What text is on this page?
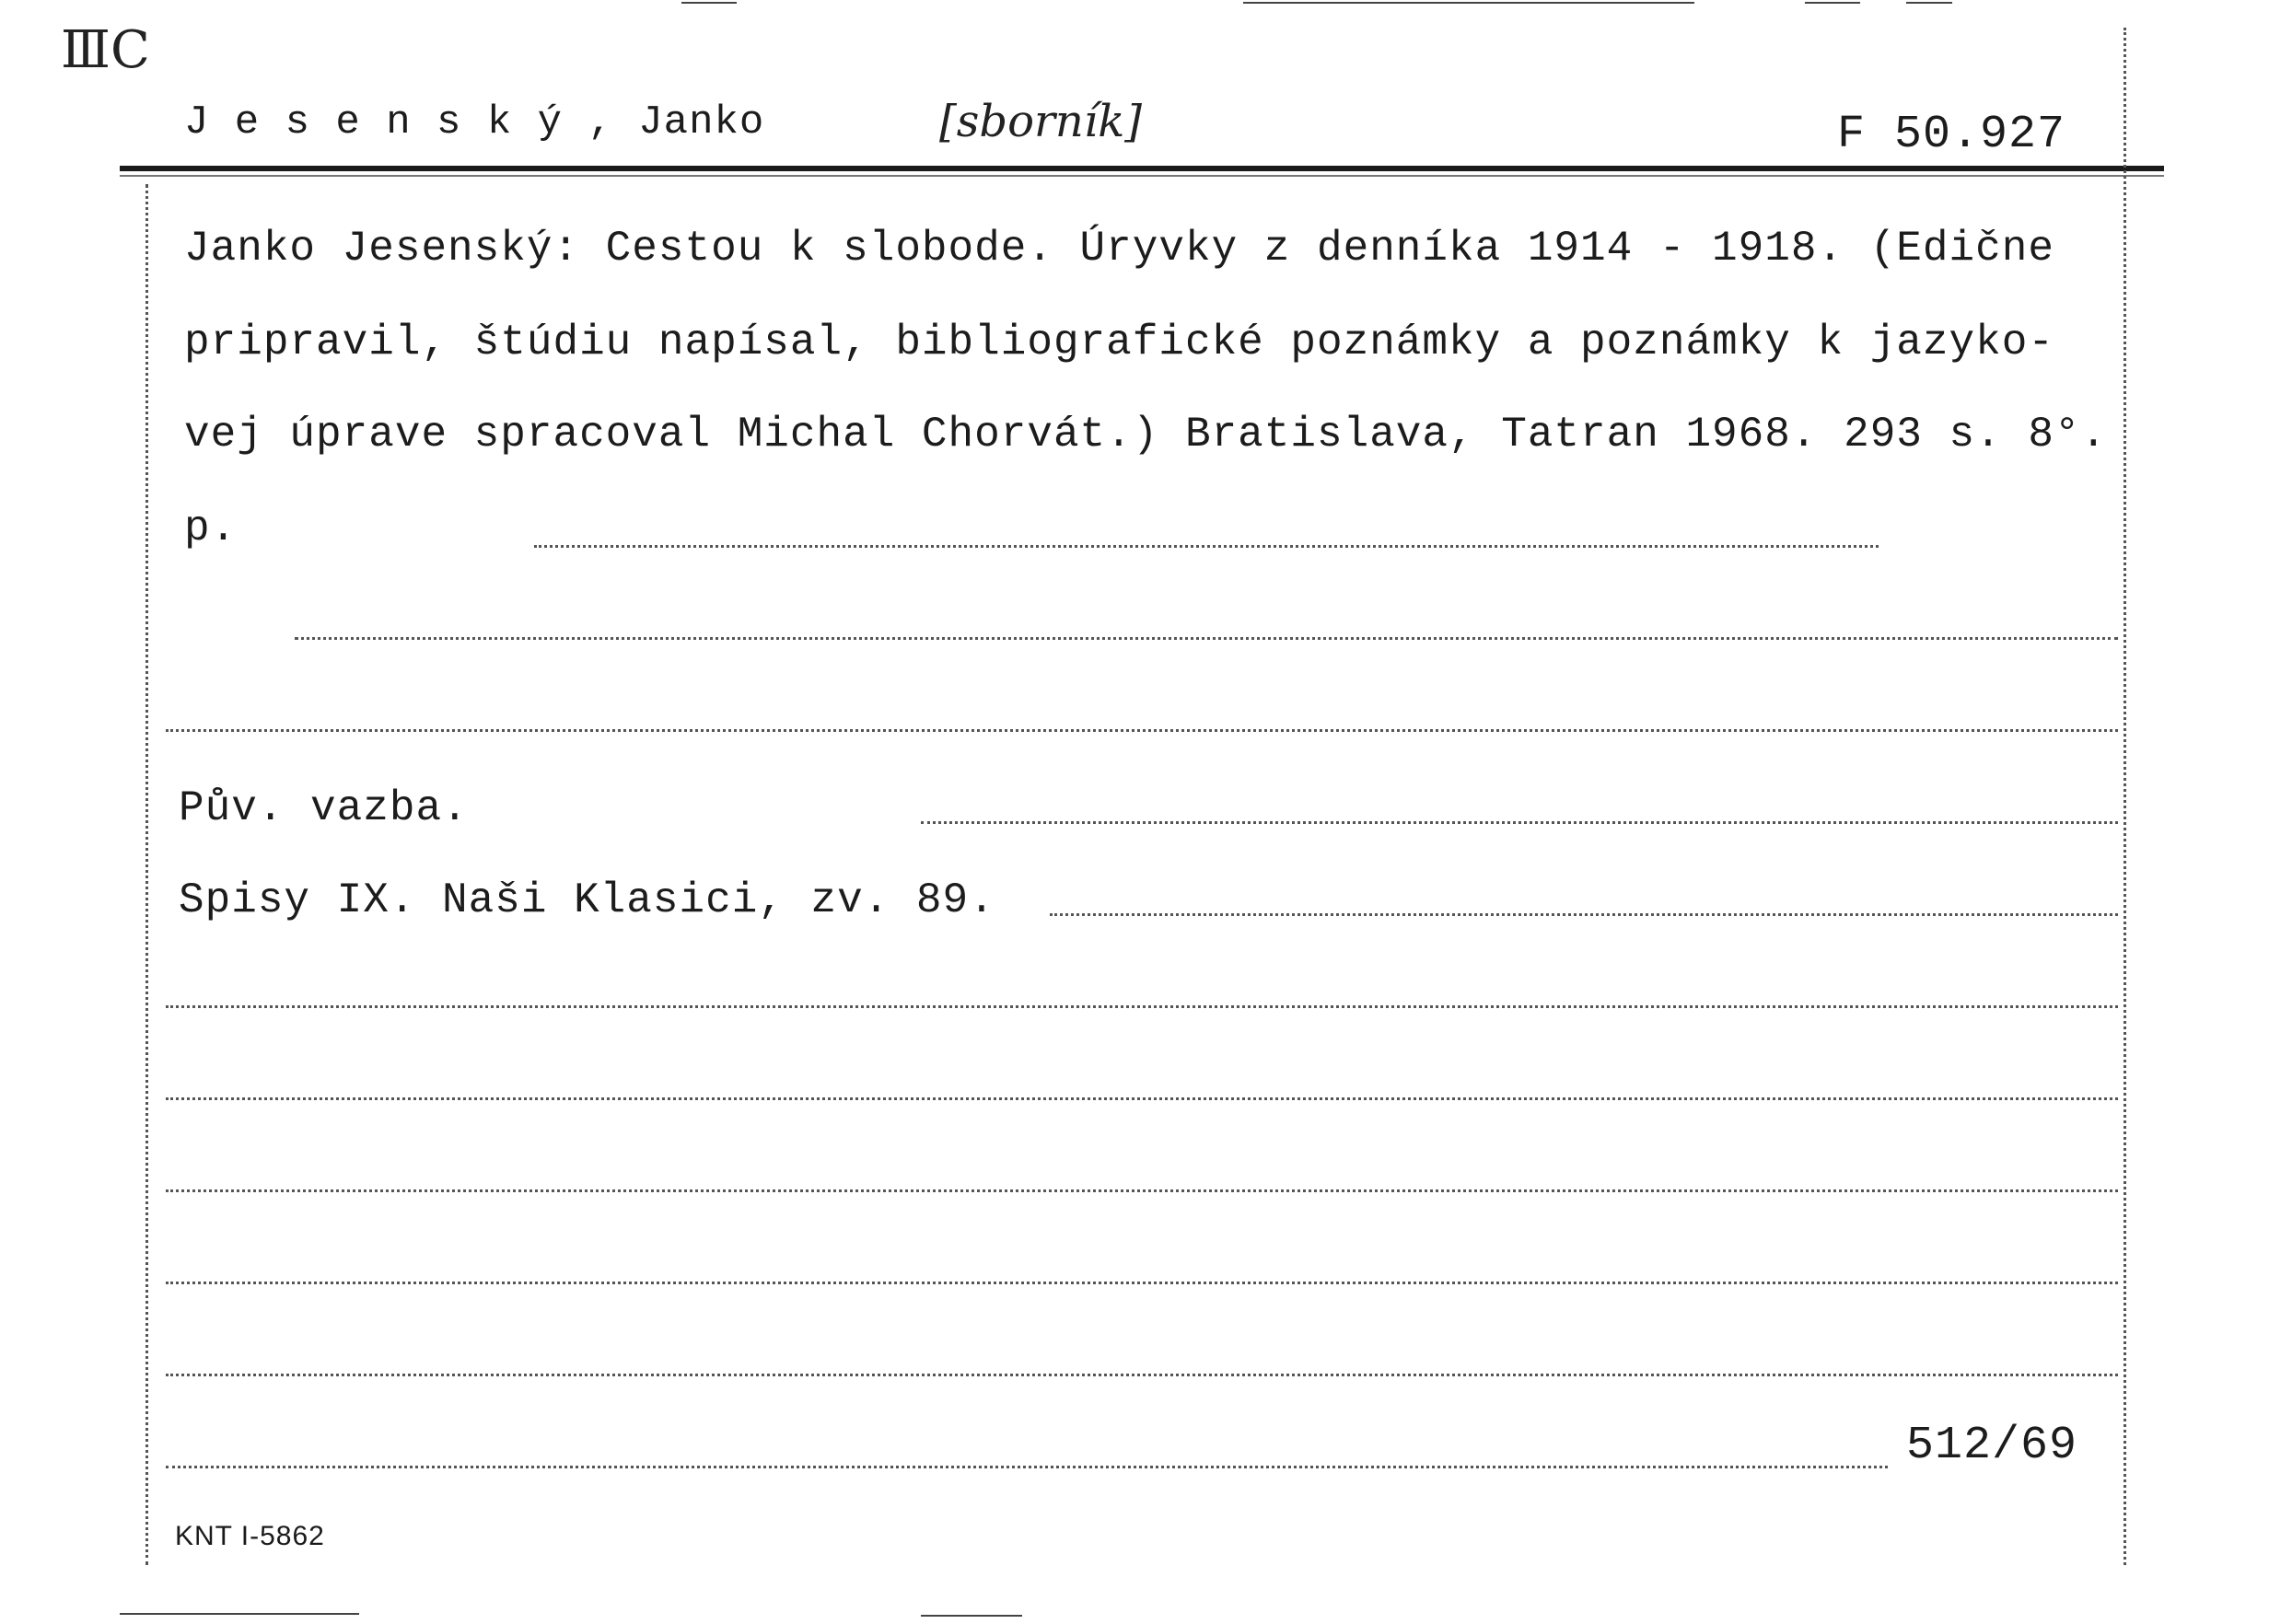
ⅢC
J e s e n s k ý , Janko	[sborník]	F 50.927
Janko Jesenský: Cestou k slobode. Úryvky z denníka 1914 - 1918. (Edične
pripravil, štúdiu napísal, bibliografické poznámky a poznámky k jazyko-
vej úprave spracoval Michal Chorvát.) Bratislava, Tatran 1968. 293 s. 8°.
p.
Pův. vazba.
Spisy IX. Naši Klasici, zv. 89.
512/69
KNT I-5862
